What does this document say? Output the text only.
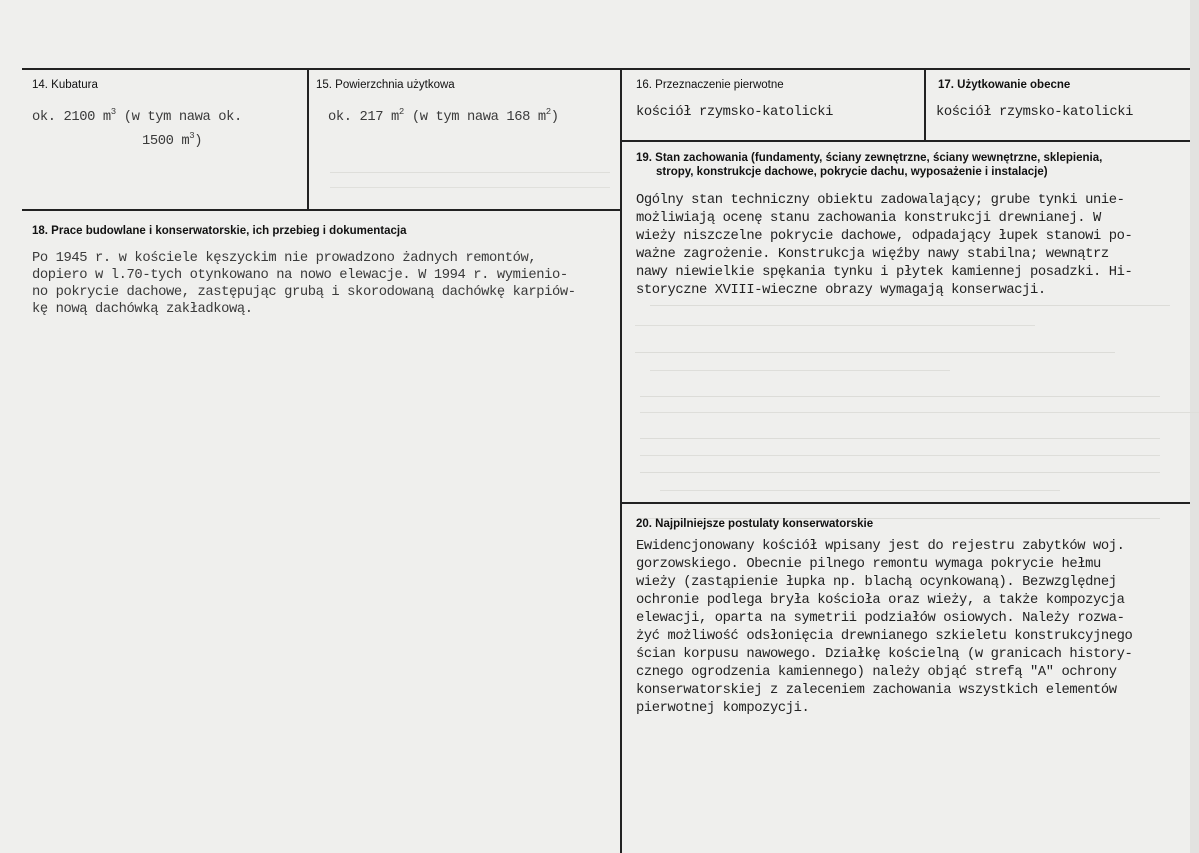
14. Kubatura
ok. 2100 $m^3$ (w tym nawa ok.
1500 $m^3$)
15. Powierzchnia użytkowa
ok. 217 $m^2$ (w tym nawa 168 $m^2$)
16. Przeznaczenie pierwotne
kościół rzymsko-katolicki
17. Użytkowanie obecne
kościół rzymsko-katolicki
18. Prace budowlane i konserwatorskie, ich przebieg i dokumentacja
Po 1945 r. w kościele kęszyckim nie prowadzono żadnych remontów,
dopiero w l.70-tych otynkowano na nowo elewacje. W 1994 r. wymienio-
no pokrycie dachowe, zastępując grubą i skorodowaną dachówkę karpiów-
kę nową dachówką zakładkową.
19. Stan zachowania (fundamenty, ściany zewnętrzne, ściany wewnętrzne, sklepienia,
stropy, konstrukcje dachowe, pokrycie dachu, wyposażenie i instalacje)
Ogólny stan techniczny obiektu zadowalający; grube tynki unie-
możliwiają ocenę stanu zachowania konstrukcji drewnianej. W
wieży niszczelne pokrycie dachowe, odpadający łupek stanowi po-
ważne zagrożenie. Konstrukcja więźby nawy stabilna; wewnątrz
nawy niewielkie spękania tynku i płytek kamiennej posadzki. Hi-
storyczne XVIII-wieczne obrazy wymagają konserwacji.
20. Najpilniejsze postulaty konserwatorskie
Ewidencjonowany kościół wpisany jest do rejestru zabytków woj.
gorzowskiego. Obecnie pilnego remontu wymaga pokrycie hełmu
wieży (zastąpienie łupka np. blachą ocynkowaną). Bezwzględnej
ochronie podlega bryła kościoła oraz wieży, a także kompozycja
elewacji, oparta na symetrii podziałów osiowych. Należy rozwa-
żyć możliwość odsłonięcia drewnianego szkieletu konstrukcyjnego
ścian korpusu nawowego. Działkę kościelną (w granicach history-
cznego ogrodzenia kamiennego) należy objąć strefą "A" ochrony
konserwatorskiej z zaleceniem zachowania wszystkich elementów
pierwotnej kompozycji.
